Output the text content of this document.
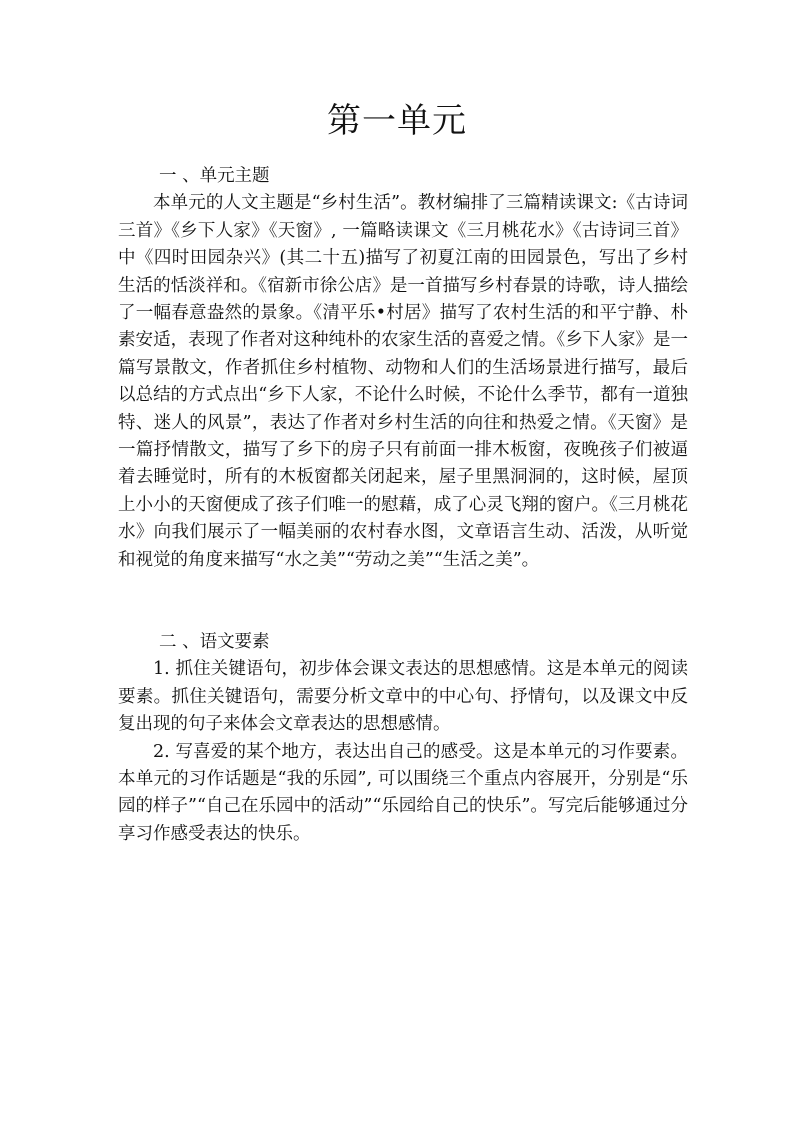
第一单元

一 、单元主题

本单元的人文主题是“乡村生活”。教材编排了三篇精读课文:《古诗词三首》《乡下人家》《天窗》, 一篇略读课文《三月桃花水》《古诗词三首》中《四时田园杂兴》(其二十五)描写了初夏江南的田园景色，写出了乡村生活的恬淡祥和。《宿新市徐公店》是一首描写乡村春景的诗歌，诗人描绘了一幅春意盎然的景象。《清平乐•村居》描写了农村生活的和平宁静、朴素安适，表现了作者对这种纯朴的农家生活的喜爱之情。《乡下人家》是一篇写景散文，作者抓住乡村植物、动物和人们的生活场景进行描写，最后以总结的方式点出“乡下人家，不论什么时候，不论什么季节，都有一道独特、迷人的风景”，表达了作者对乡村生活的向往和热爱之情。《天窗》是一篇抒情散文，描写了乡下的房子只有前面一排木板窗，夜晚孩子们被逼着去睡觉时，所有的木板窗都关闭起来，屋子里黑洞洞的，这时候，屋顶上小小的天窗便成了孩子们唯一的慰藉，成了心灵飞翔的窗户。《三月桃花水》向我们展示了一幅美丽的农村春水图，文章语言生动、活泼，从听觉和视觉的角度来描写“水之美”“劳动之美”“生活之美”。

二 、语文要素

1. 抓住关键语句，初步体会课文表达的思想感情。这是本单元的阅读要素。抓住关键语句，需要分析文章中的中心句、抒情句，以及课文中反复出现的句子来体会文章表达的思想感情。

2. 写喜爱的某个地方，表达出自己的感受。这是本单元的习作要素。本单元的习作话题是“我的乐园”, 可以围绕三个重点内容展开，分别是“乐园的样子”“自己在乐园中的活动”“乐园给自己的快乐”。写完后能够通过分享习作感受表达的快乐。
